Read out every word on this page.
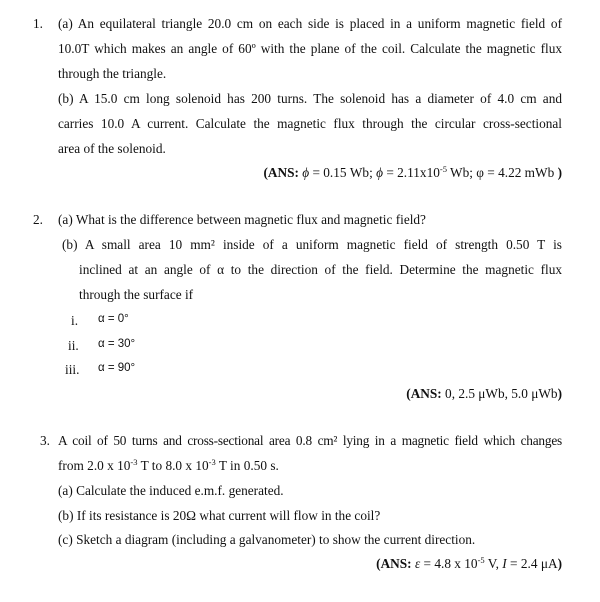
1. (a) An equilateral triangle 20.0 cm on each side is placed in a uniform magnetic field of
10.0T which makes an angle of 60º with the plane of the coil. Calculate the magnetic flux
through the triangle.
(b) A 15.0 cm long solenoid has 200 turns. The solenoid has a diameter of 4.0 cm and
carries 10.0 A current. Calculate the magnetic flux through the circular cross-sectional
area of the solenoid.
(ANS: ϕ = 0.15 Wb; $\phi = 2.11x10^{-5}$ Wb; φ = 4.22 mWb )
2. (a) What is the difference between magnetic flux and magnetic field?
(b) A small area 10 mm² inside of a uniform magnetic field of strength 0.50 T is
inclined at an angle of α to the direction of the field. Determine the magnetic flux
through the surface if
i. α = 0°
ii. α = 30°
iii. α = 90°
(ANS: 0, 2.5 μWb, 5.0 μWb)
3. A coil of 50 turns and cross-sectional area 0.8 cm² lying in a magnetic field which changes
from 2.0 x $10^{-3}$ T to 8.0 x $10^{-3}$ T in 0.50 s.
(a) Calculate the induced e.m.f. generated.
(b) If its resistance is 20Ω what current will flow in the coil?
(c) Sketch a diagram (including a galvanometer) to show the current direction.
(ANS: ε = 4.8 x $10^{-5}$ V, I = 2.4 μA)
